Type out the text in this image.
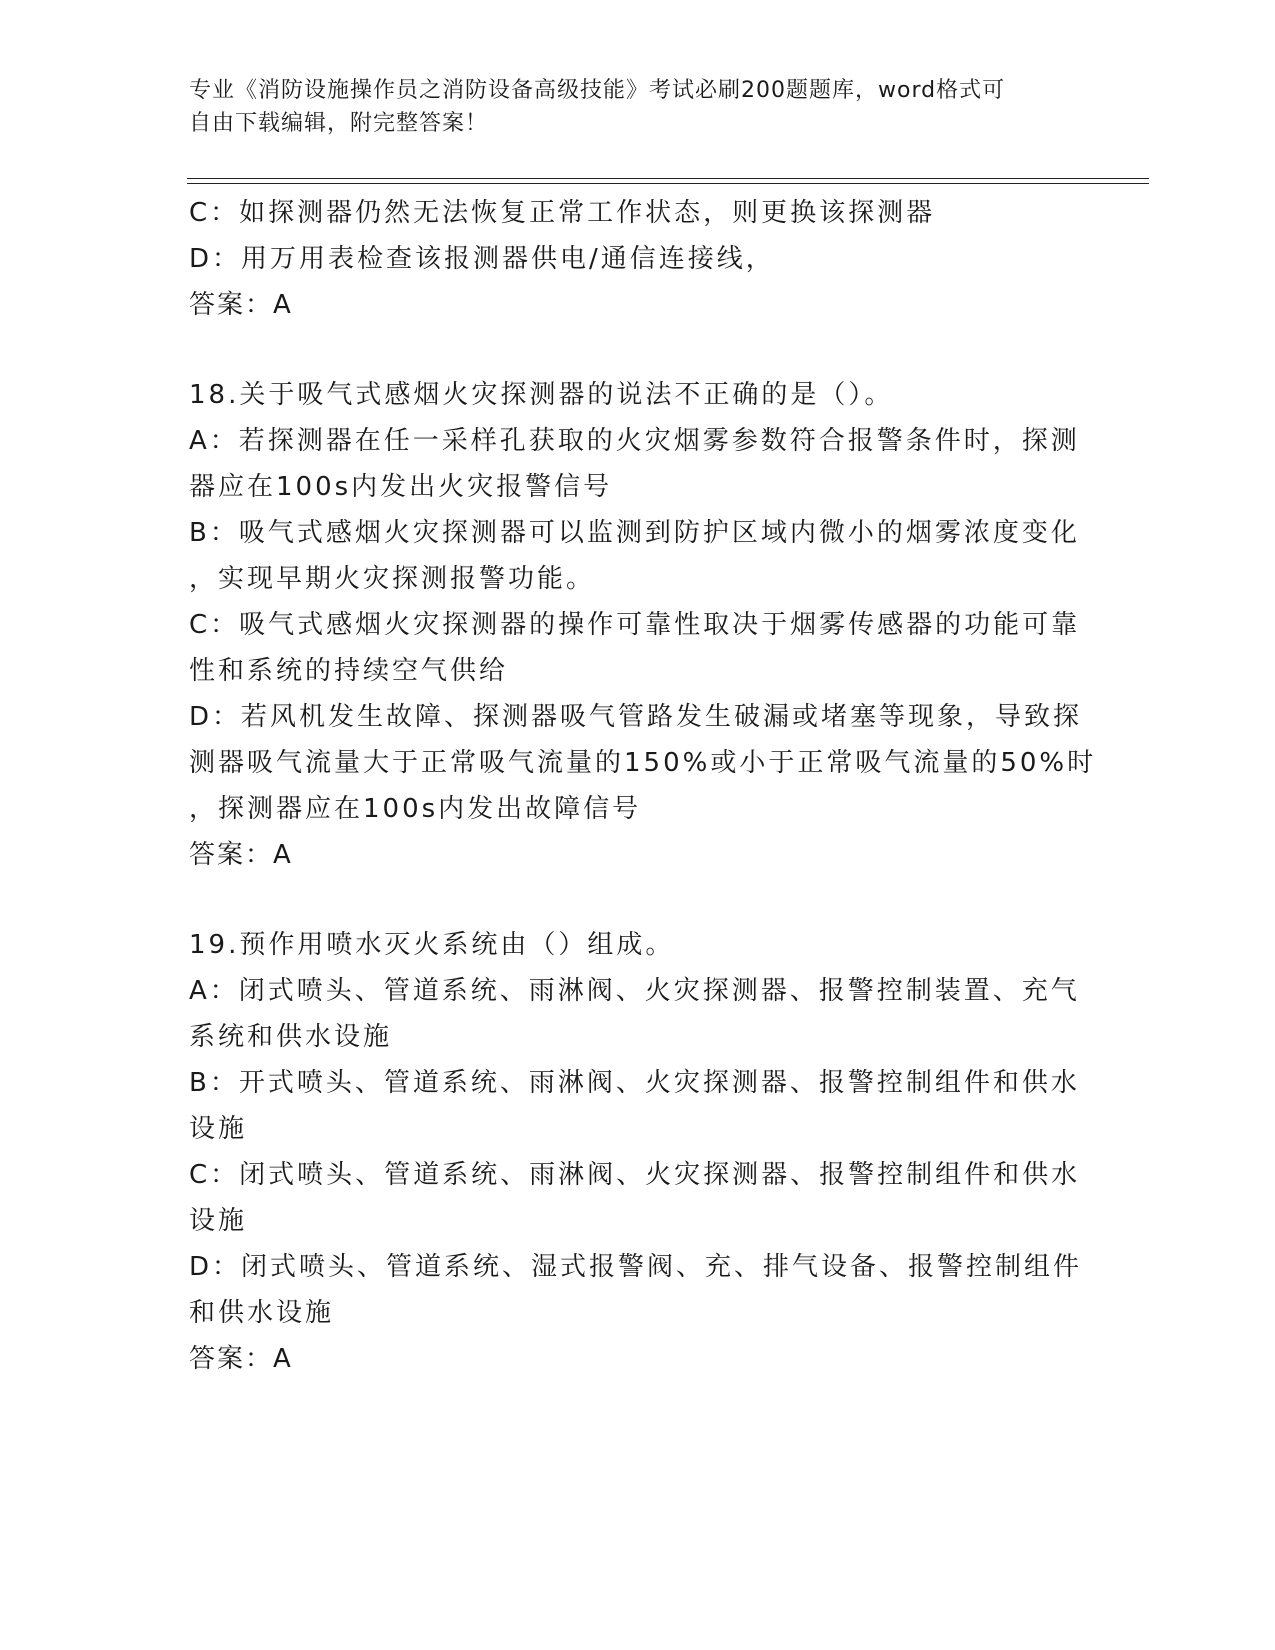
专业《消防设施操作员之消防设备高级技能》考试必刷200题题库，word格式可
自由下载编辑，附完整答案！
C：如探测器仍然无法恢复正常工作状态，则更换该探测器
D：用万用表检查该报测器供电/通信连接线，
答案：A
18.关于吸气式感烟火灾探测器的说法不正确的是（）。
A：若探测器在任一采样孔获取的火灾烟雾参数符合报警条件时，探测
器应在100s内发出火灾报警信号
B：吸气式感烟火灾探测器可以监测到防护区域内微小的烟雾浓度变化
，实现早期火灾探测报警功能。
C：吸气式感烟火灾探测器的操作可靠性取决于烟雾传感器的功能可靠
性和系统的持续空气供给
D：若风机发生故障、探测器吸气管路发生破漏或堵塞等现象，导致探
测器吸气流量大于正常吸气流量的150%或小于正常吸气流量的50%时
，探测器应在100s内发出故障信号
答案：A
19.预作用喷水灭火系统由（）组成。
A：闭式喷头、管道系统、雨淋阀、火灾探测器、报警控制装置、充气
系统和供水设施
B：开式喷头、管道系统、雨淋阀、火灾探测器、报警控制组件和供水
设施
C：闭式喷头、管道系统、雨淋阀、火灾探测器、报警控制组件和供水
设施
D：闭式喷头、管道系统、湿式报警阀、充、排气设备、报警控制组件
和供水设施
答案：A
